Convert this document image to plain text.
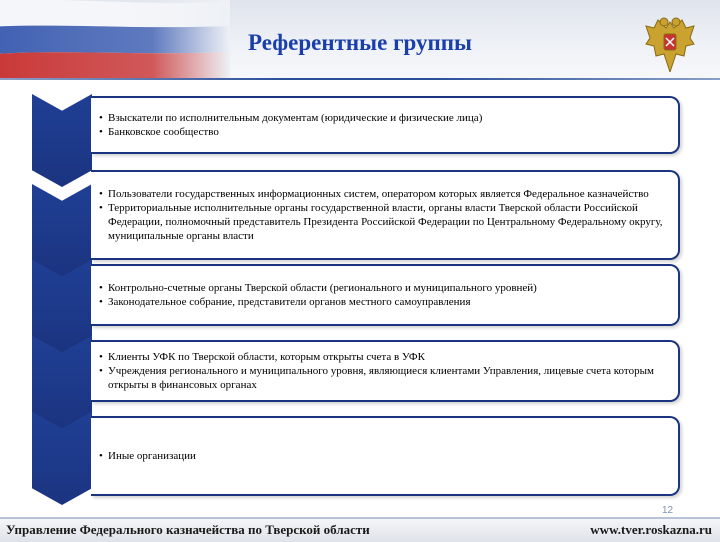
Референтные группы
• Взыскатели по исполнительным документам (юридические и физические лица)
• Банковское сообщество
• Пользователи государственных информационных систем, оператором которых является Федеральное казначейство
• Территориальные исполнительные органы государственной власти, органы власти Тверской области Российской Федерации, полномочный представитель Президента Российской Федерации по Центральному Федеральному округу, муниципальные органы власти
• Контрольно-счетные органы Тверской области (регионального и муниципального уровней)
• Законодательное собрание, представители органов местного самоуправления
• Клиенты УФК по Тверской области, которым открыты счета в УФК
• Учреждения регионального и муниципального уровня, являющиеся клиентами Управления, лицевые счета которым открыты в финансовых органах
• Иные организации
12
Управление Федерального казначейства по Тверской области	www.tver.roskazna.ru
